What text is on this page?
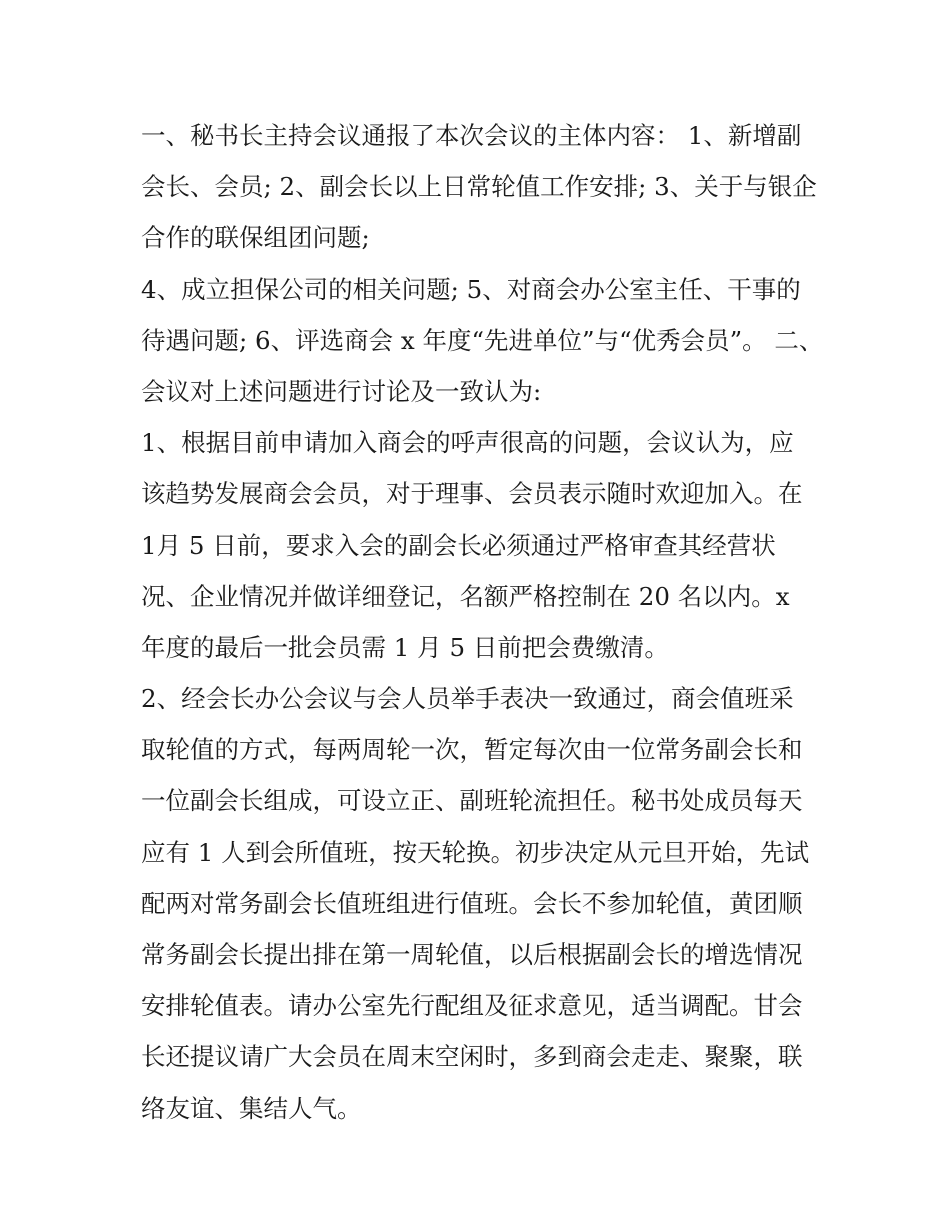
一、秘书长主持会议通报了本次会议的主体内容： 1、新增副
会长、会员; 2、副会长以上日常轮值工作安排; 3、关于与银企
合作的联保组团问题;
4、成立担保公司的相关问题; 5、对商会办公室主任、干事的
待遇问题; 6、评选商会 x 年度“先进单位”与“优秀会员”。 二、
会议对上述问题进行讨论及一致认为:
1、根据目前申请加入商会的呼声很高的问题，会议认为，应
该趋势发展商会会员，对于理事、会员表示随时欢迎加入。在
1月 5 日前，要求入会的副会长必须通过严格审查其经营状
况、企业情况并做详细登记，名额严格控制在 20 名以内。x
年度的最后一批会员需 1 月 5 日前把会费缴清。
2、经会长办公会议与会人员举手表决一致通过，商会值班采
取轮值的方式，每两周轮一次，暂定每次由一位常务副会长和
一位副会长组成，可设立正、副班轮流担任。秘书处成员每天
应有 1 人到会所值班，按天轮换。初步决定从元旦开始，先试
配两对常务副会长值班组进行值班。会长不参加轮值，黄团顺
常务副会长提出排在第一周轮值，以后根据副会长的增选情况
安排轮值表。请办公室先行配组及征求意见，适当调配。甘会
长还提议请广大会员在周末空闲时，多到商会走走、聚聚，联
络友谊、集结人气。
